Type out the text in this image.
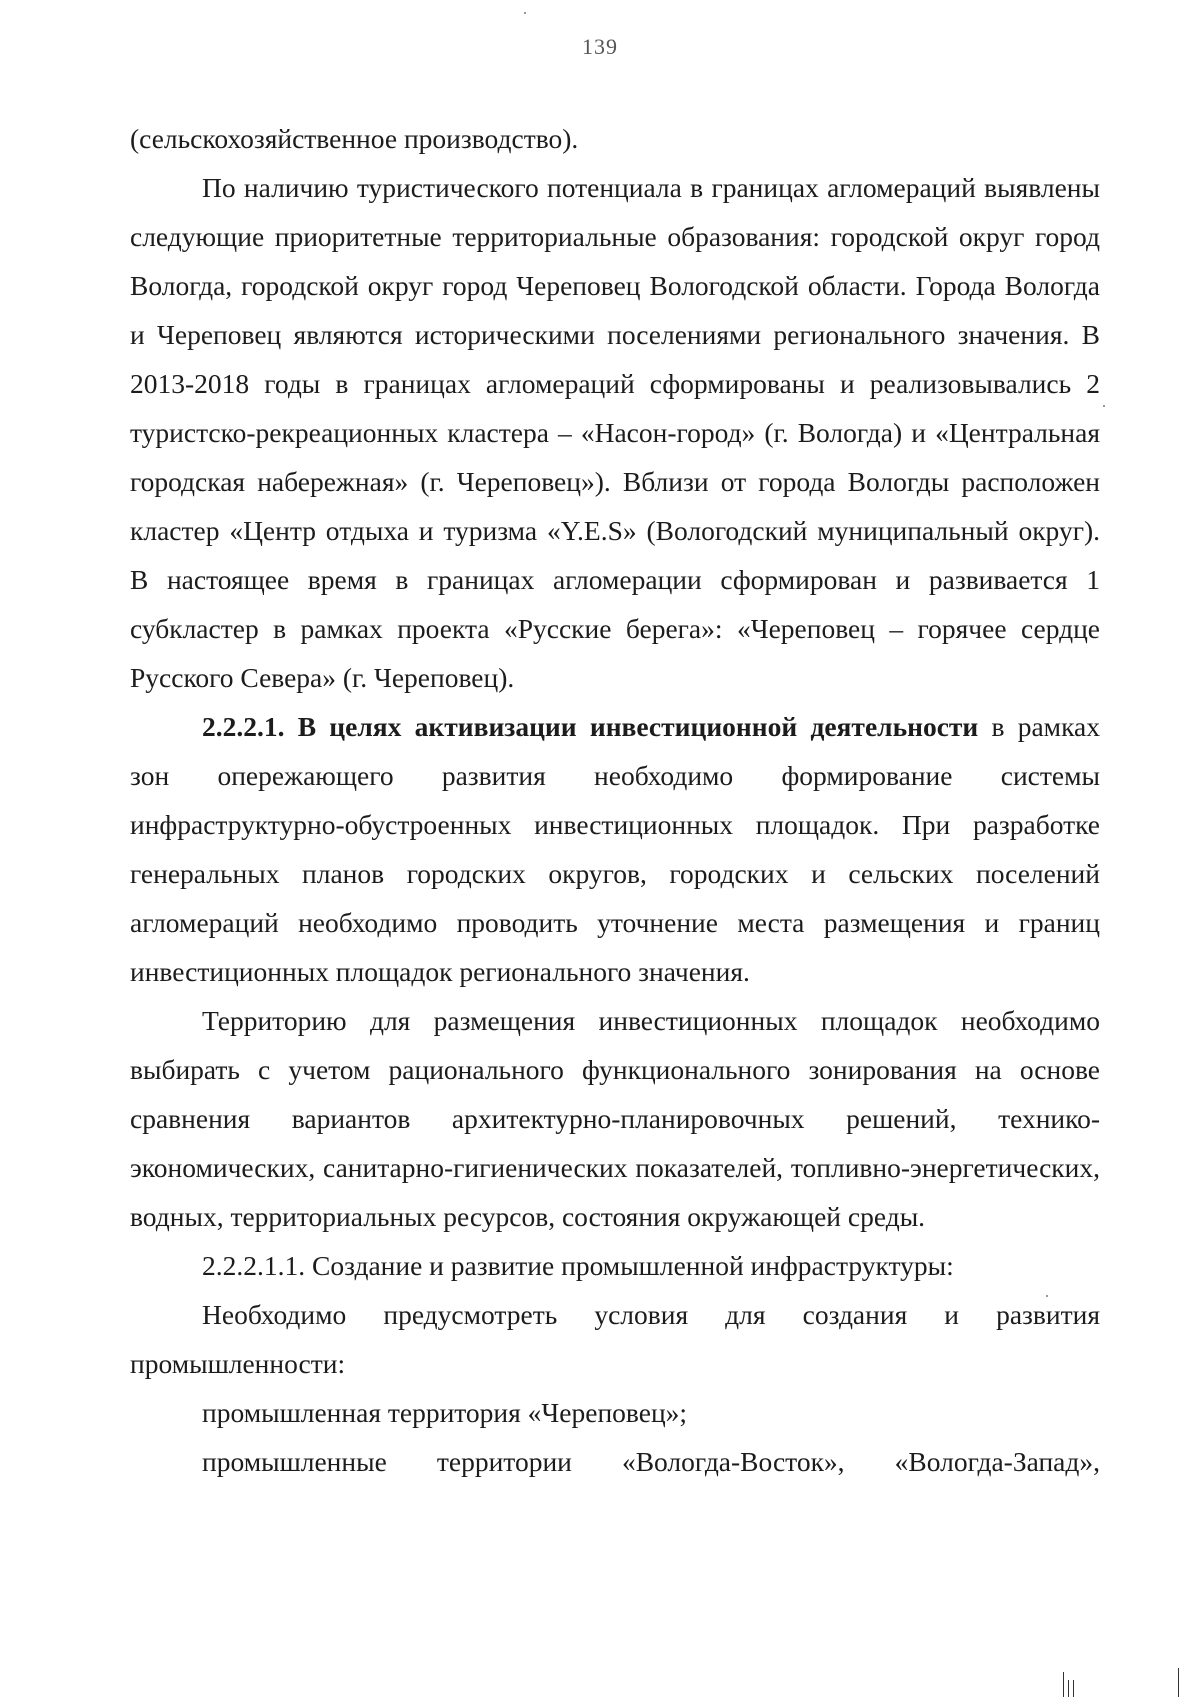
139

(сельскохозяйственное производство).

По наличию туристического потенциала в границах агломераций выявлены следующие приоритетные территориальные образования: городской округ город Вологда, городской округ город Череповец Вологодской области. Города Вологда и Череповец являются историческими поселениями регионального значения. В 2013-2018 годы в границах агломераций сформированы и реализовывались 2 туристско-рекреационных кластера – «Насон-город» (г. Вологда) и «Центральная городская набережная» (г. Череповец»). Вблизи от города Вологды расположен кластер «Центр отдыха и туризма «Y.E.S» (Вологодский муниципальный округ). В настоящее время в границах агломерации сформирован и развивается 1 субкластер в рамках проекта «Русские берега»: «Череповец – горячее сердце Русского Севера» (г. Череповец).

2.2.2.1. В целях активизации инвестиционной деятельности в рамках зон опережающего развития необходимо формирование системы инфраструктурно-обустроенных инвестиционных площадок. При разработке генеральных планов городских округов, городских и сельских поселений агломераций необходимо проводить уточнение места размещения и границ инвестиционных площадок регионального значения.

Территорию для размещения инвестиционных площадок необходимо выбирать с учетом рационального функционального зонирования на основе сравнения вариантов архитектурно-планировочных решений, технико-экономических, санитарно-гигиенических показателей, топливно-энергетических, водных, территориальных ресурсов, состояния окружающей среды.

2.2.2.1.1. Создание и развитие промышленной инфраструктуры:

Необходимо предусмотреть условия для создания и развития промышленности:

промышленная территория «Череповец»;

промышленные территории «Вологда-Восток», «Вологда-Запад»,
